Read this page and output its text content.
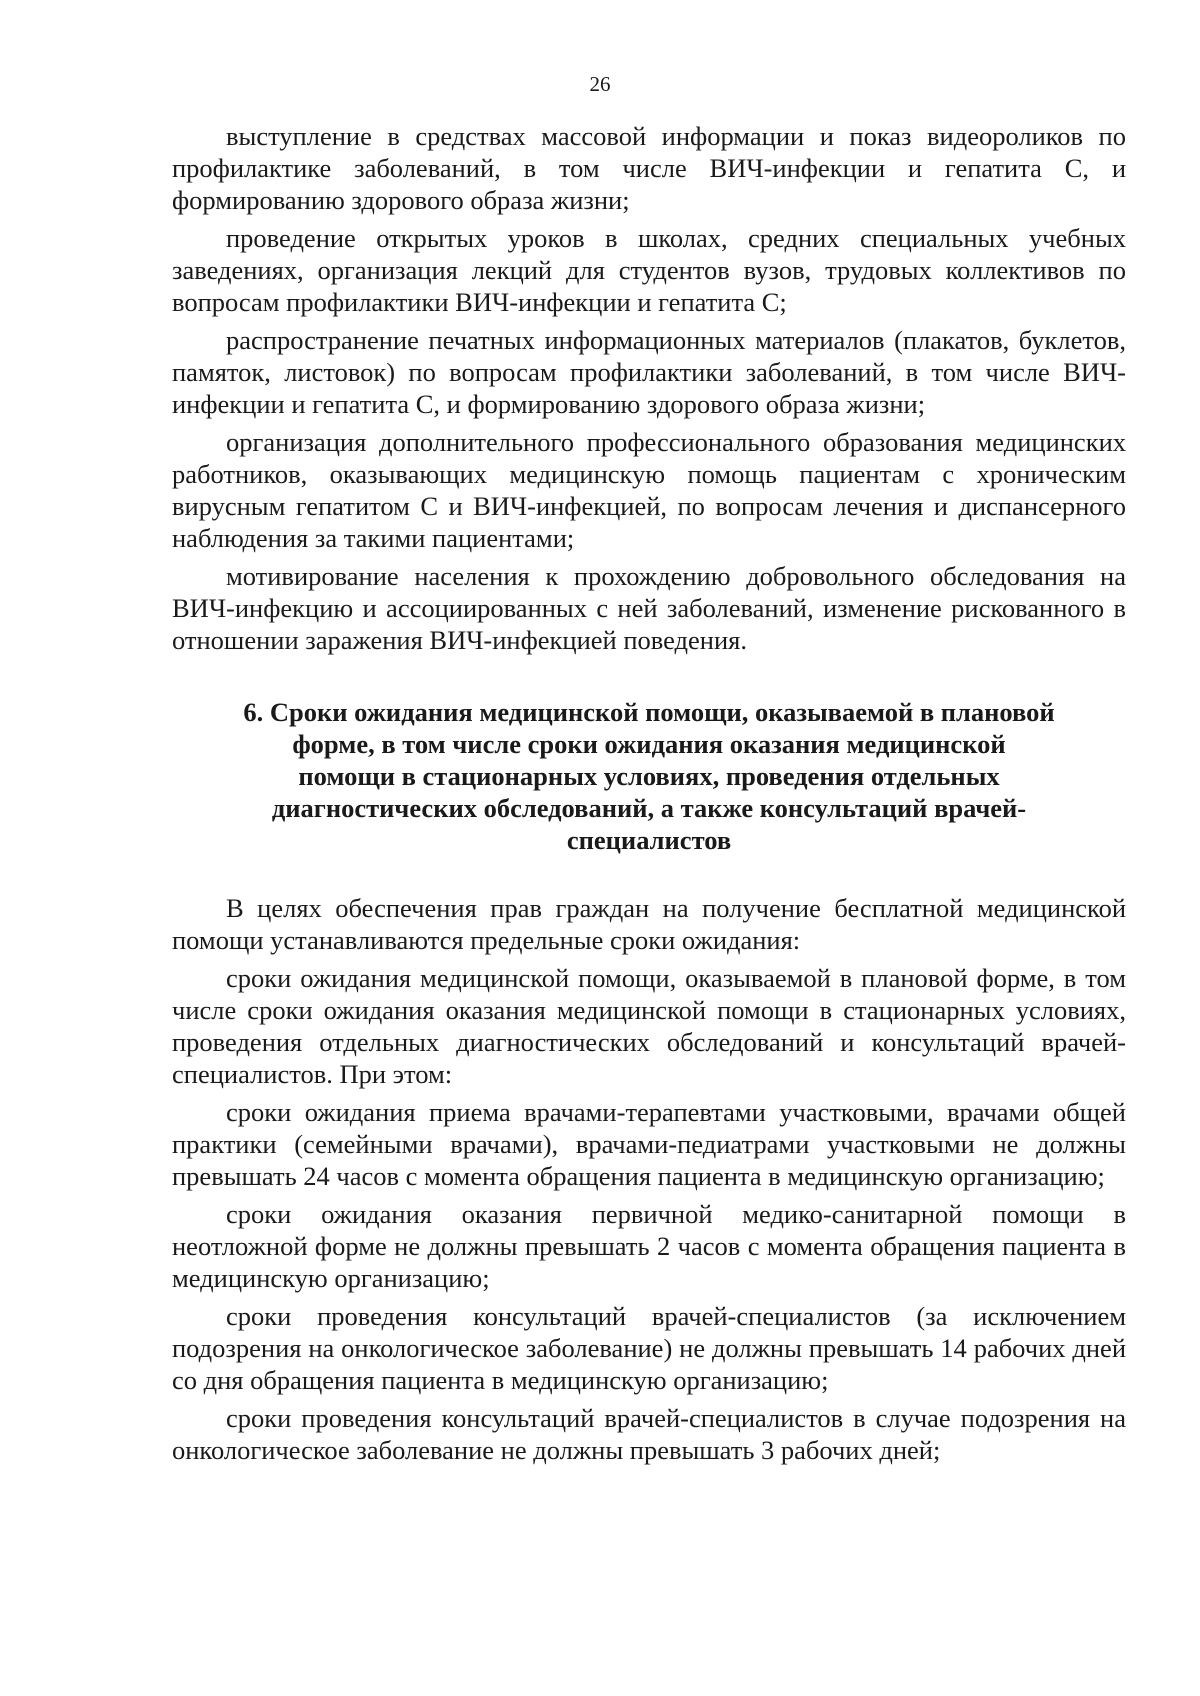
26

выступление в средствах массовой информации и показ видеороликов по профилактике заболеваний, в том числе ВИЧ-инфекции и гепатита С, и формированию здорового образа жизни;

проведение открытых уроков в школах, средних специальных учебных заведениях, организация лекций для студентов вузов, трудовых коллективов по вопросам профилактики ВИЧ-инфекции и гепатита С;

распространение печатных информационных материалов (плакатов, буклетов, памяток, листовок) по вопросам профилактики заболеваний, в том числе ВИЧ-инфекции и гепатита С, и формированию здорового образа жизни;

организация дополнительного профессионального образования медицинских работников, оказывающих медицинскую помощь пациентам с хроническим вирусным гепатитом С и ВИЧ-инфекцией, по вопросам лечения и диспансерного наблюдения за такими пациентами;

мотивирование населения к прохождению добровольного обследования на ВИЧ-инфекцию и ассоциированных с ней заболеваний, изменение рискованного в отношении заражения ВИЧ-инфекцией поведения.

6. Сроки ожидания медицинской помощи, оказываемой в плановой форме, в том числе сроки ожидания оказания медицинской помощи в стационарных условиях, проведения отдельных диагностических обследований, а также консультаций врачей-специалистов

В целях обеспечения прав граждан на получение бесплатной медицинской помощи устанавливаются предельные сроки ожидания:

сроки ожидания медицинской помощи, оказываемой в плановой форме, в том числе сроки ожидания оказания медицинской помощи в стационарных условиях, проведения отдельных диагностических обследований и консультаций врачей-специалистов. При этом:

сроки ожидания приема врачами-терапевтами участковыми, врачами общей практики (семейными врачами), врачами-педиатрами участковыми не должны превышать 24 часов с момента обращения пациента в медицинскую организацию;

сроки ожидания оказания первичной медико-санитарной помощи в неотложной форме не должны превышать 2 часов с момента обращения пациента в медицинскую организацию;

сроки проведения консультаций врачей-специалистов (за исключением подозрения на онкологическое заболевание) не должны превышать 14 рабочих дней со дня обращения пациента в медицинскую организацию;

сроки проведения консультаций врачей-специалистов в случае подозрения на онкологическое заболевание не должны превышать 3 рабочих дней;
